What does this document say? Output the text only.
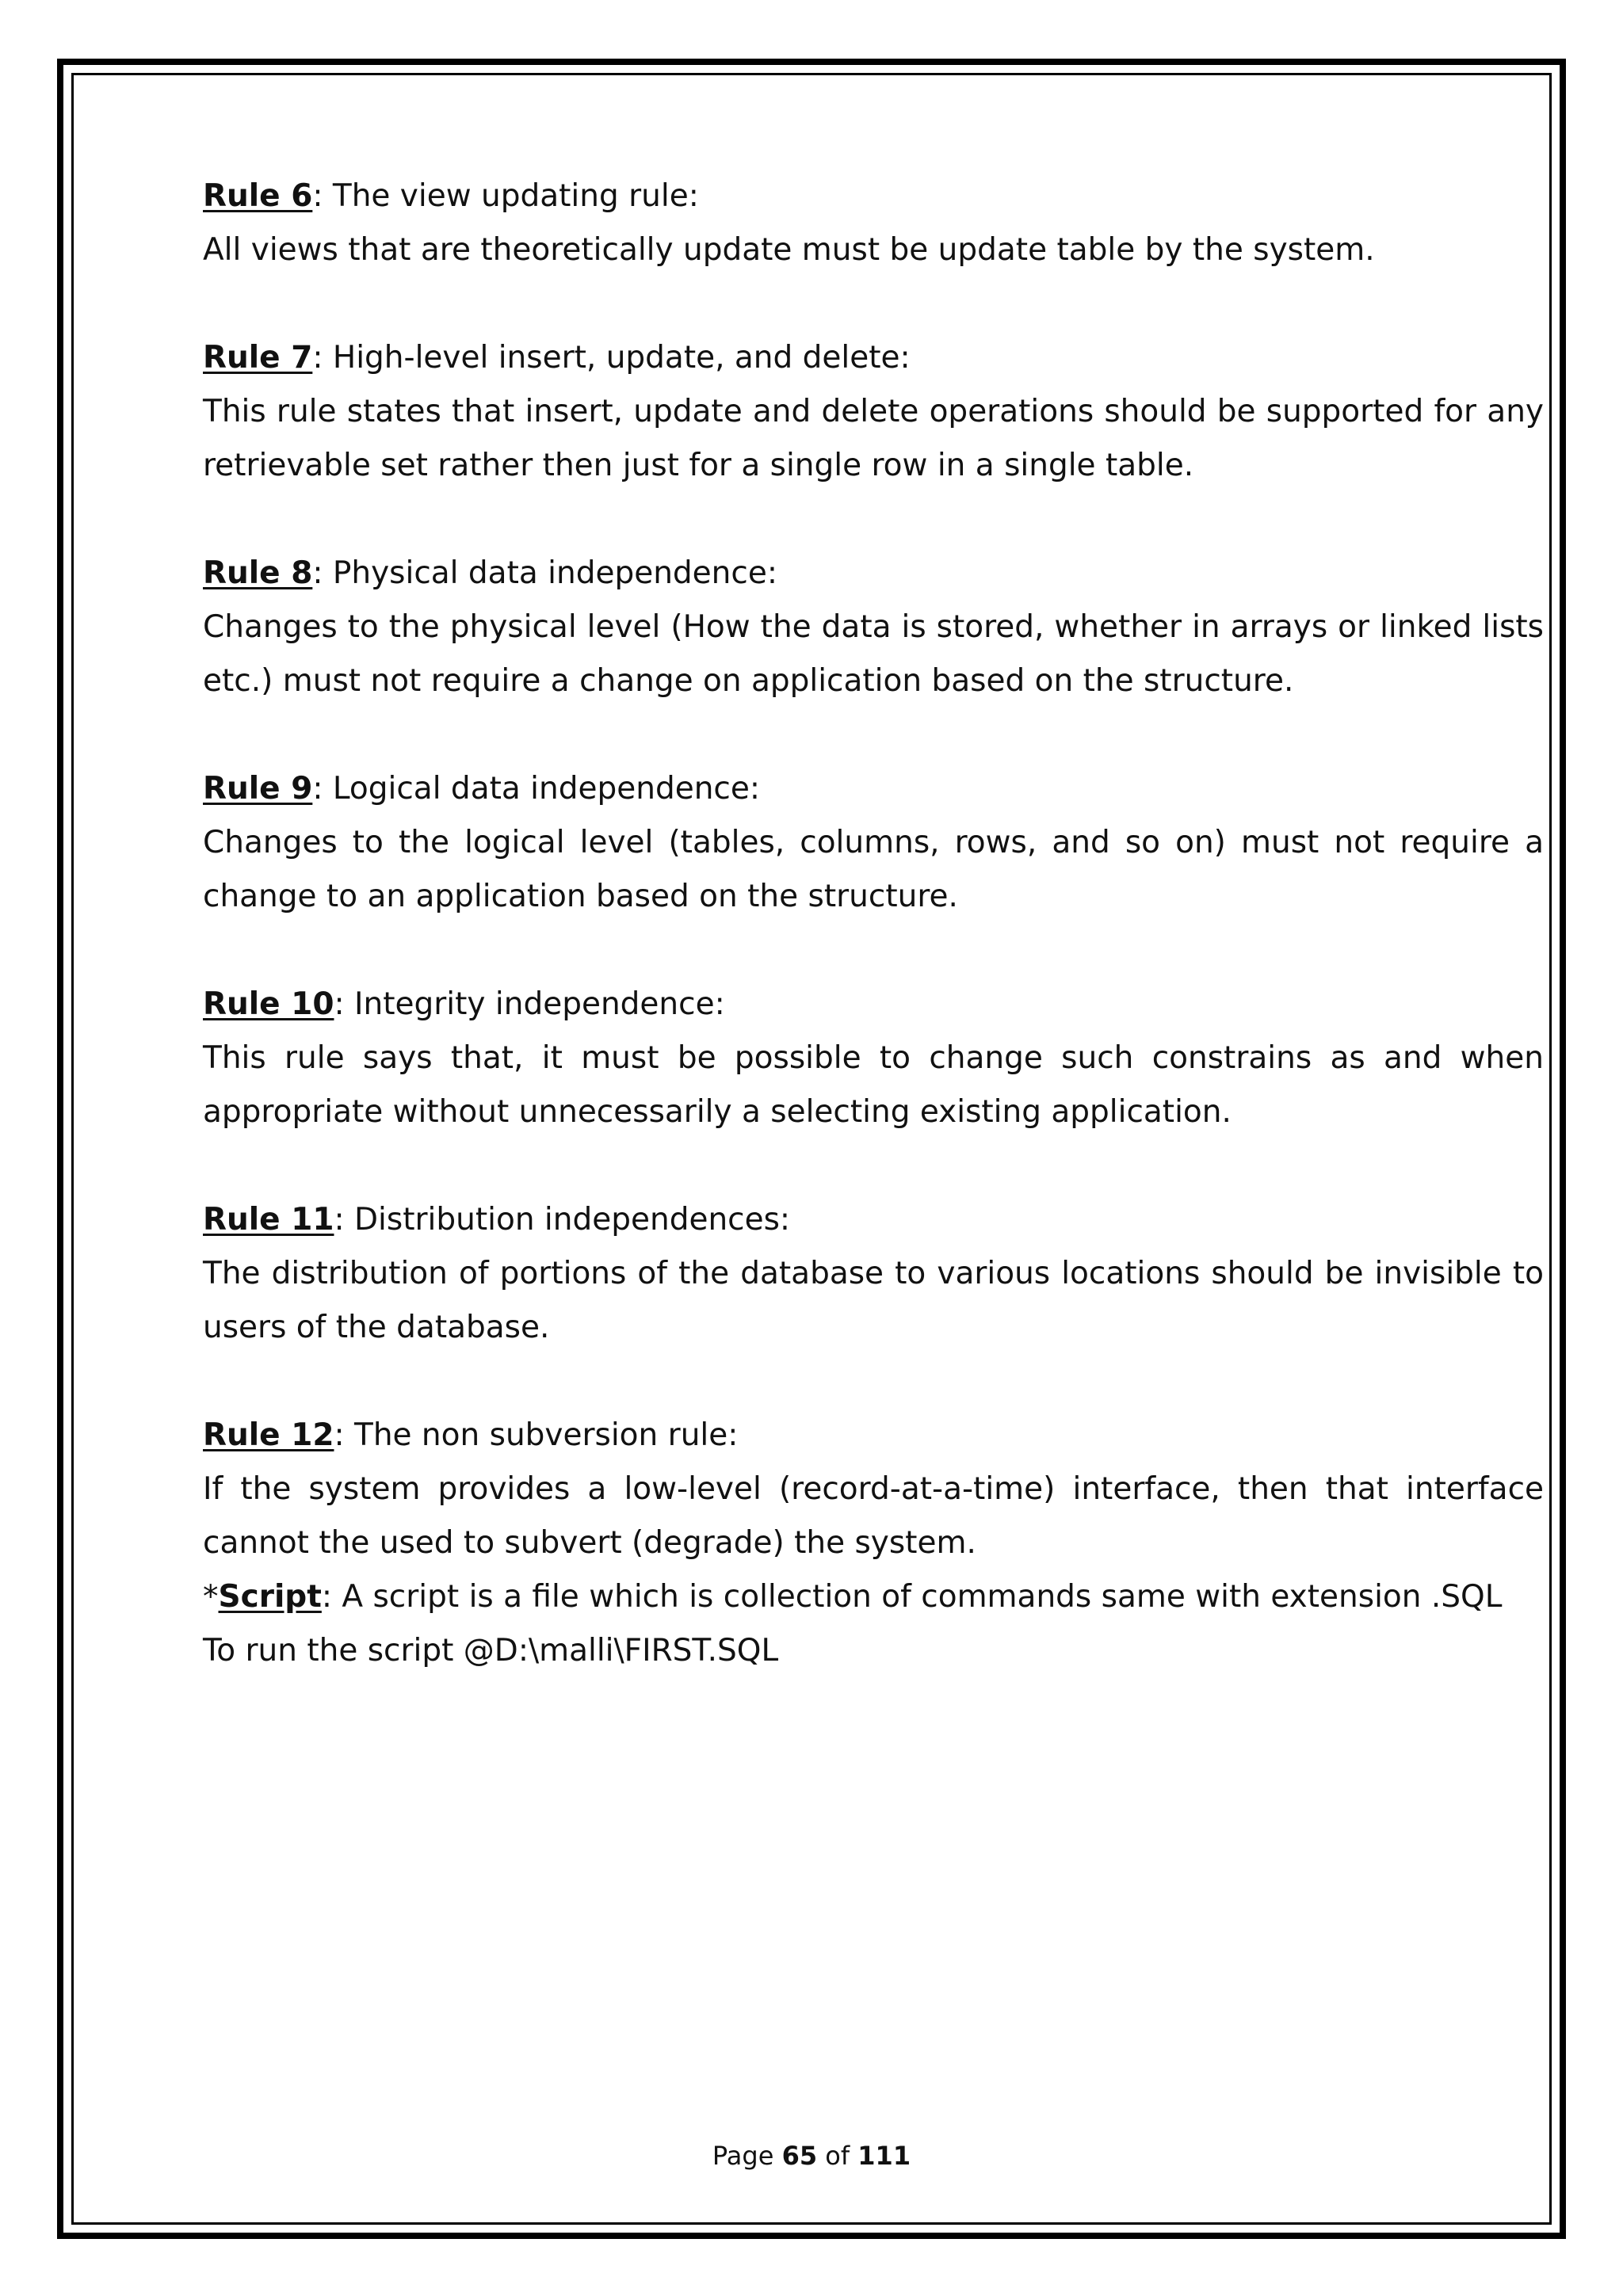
Rule 6: The view updating rule:
All views that are theoretically update must be update table by the system.
Rule 7: High-level insert, update, and delete:
This rule states that insert, update and delete operations should be supported for any retrievable set rather then just for a single row in a single table.
Rule 8: Physical data independence:
Changes to the physical level (How the data is stored, whether in arrays or linked lists etc.) must not require a change on application based on the structure.
Rule 9: Logical data independence:
Changes to the logical level (tables, columns, rows, and so on) must not require a change to an application based on the structure.
Rule 10: Integrity independence:
This rule says that, it must be possible to change such constrains as and when appropriate without unnecessarily a selecting existing application.
Rule 11: Distribution independences:
The distribution of portions of the database to various locations should be invisible to users of the database.
Rule 12: The non subversion rule:
If the system provides a low-level (record-at-a-time) interface, then that interface cannot the used to subvert (degrade) the system.
*Script: A script is a file which is collection of commands same with extension .SQL
To run the script @D:\malli\FIRST.SQL
Page 65 of 111
